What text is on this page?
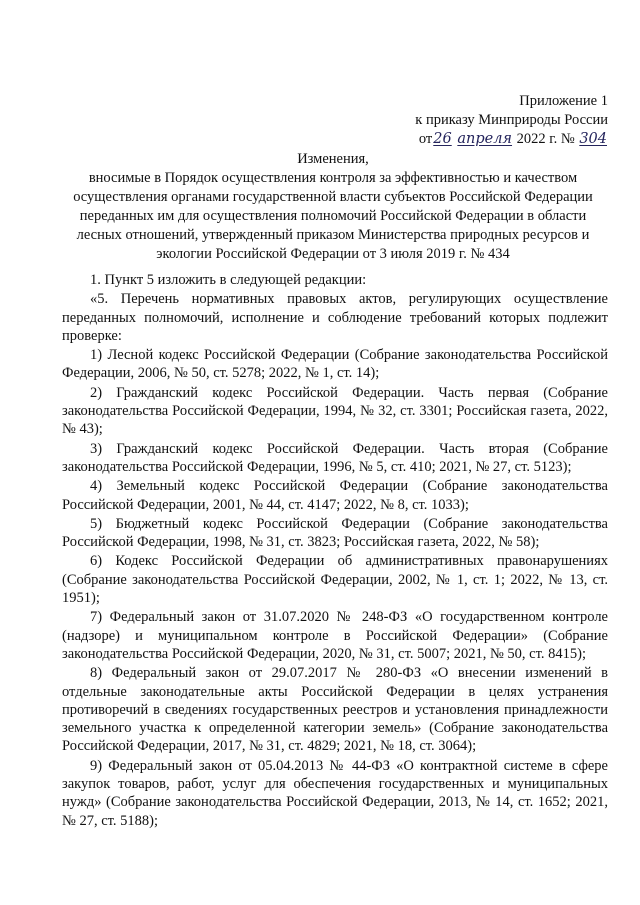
Приложение 1
к приказу Минприроды России
от26 апреля 2022 г. № 304
Изменения,
вносимые в Порядок осуществления контроля за эффективностью и качеством
осуществления органами государственной власти субъектов Российской Федерации
переданных им для осуществления полномочий Российской Федерации в области
лесных отношений, утвержденный приказом Министерства природных ресурсов и
экологии Российской Федерации от 3 июля 2019 г. № 434

1. Пункт 5 изложить в следующей редакции:

«5. Перечень нормативных правовых актов, регулирующих осуществление переданных полномочий, исполнение и соблюдение требований которых подлежит проверке:

1) Лесной кодекс Российской Федерации (Собрание законодательства Российской Федерации, 2006, № 50, ст. 5278; 2022, № 1, ст. 14);

2) Гражданский кодекс Российской Федерации. Часть первая (Собрание законодательства Российской Федерации, 1994, № 32, ст. 3301; Российская газета, 2022, № 43);

3) Гражданский кодекс Российской Федерации. Часть вторая (Собрание законодательства Российской Федерации, 1996, № 5, ст. 410; 2021, № 27, ст. 5123);

4) Земельный кодекс Российской Федерации (Собрание законодательства Российской Федерации, 2001, № 44, ст. 4147; 2022, № 8, ст. 1033);

5) Бюджетный кодекс Российской Федерации (Собрание законодательства Российской Федерации, 1998, № 31, ст. 3823; Российская газета, 2022, № 58);

6) Кодекс Российской Федерации об административных правонарушениях (Собрание законодательства Российской Федерации, 2002, № 1, ст. 1; 2022, № 13, ст. 1951);

7) Федеральный закон от 31.07.2020 № 248-ФЗ «О государственном контроле (надзоре) и муниципальном контроле в Российской Федерации» (Собрание законодательства Российской Федерации, 2020, № 31, ст. 5007; 2021, № 50, ст. 8415);

8) Федеральный закон от 29.07.2017 № 280-ФЗ «О внесении изменений в отдельные законодательные акты Российской Федерации в целях устранения противоречий в сведениях государственных реестров и установления принадлежности земельного участка к определенной категории земель» (Собрание законодательства Российской Федерации, 2017, № 31, ст. 4829; 2021, № 18, ст. 3064);

9) Федеральный закон от 05.04.2013 № 44-ФЗ «О контрактной системе в сфере закупок товаров, работ, услуг для обеспечения государственных и муниципальных нужд» (Собрание законодательства Российской Федерации, 2013, № 14, ст. 1652; 2021, № 27, ст. 5188);
